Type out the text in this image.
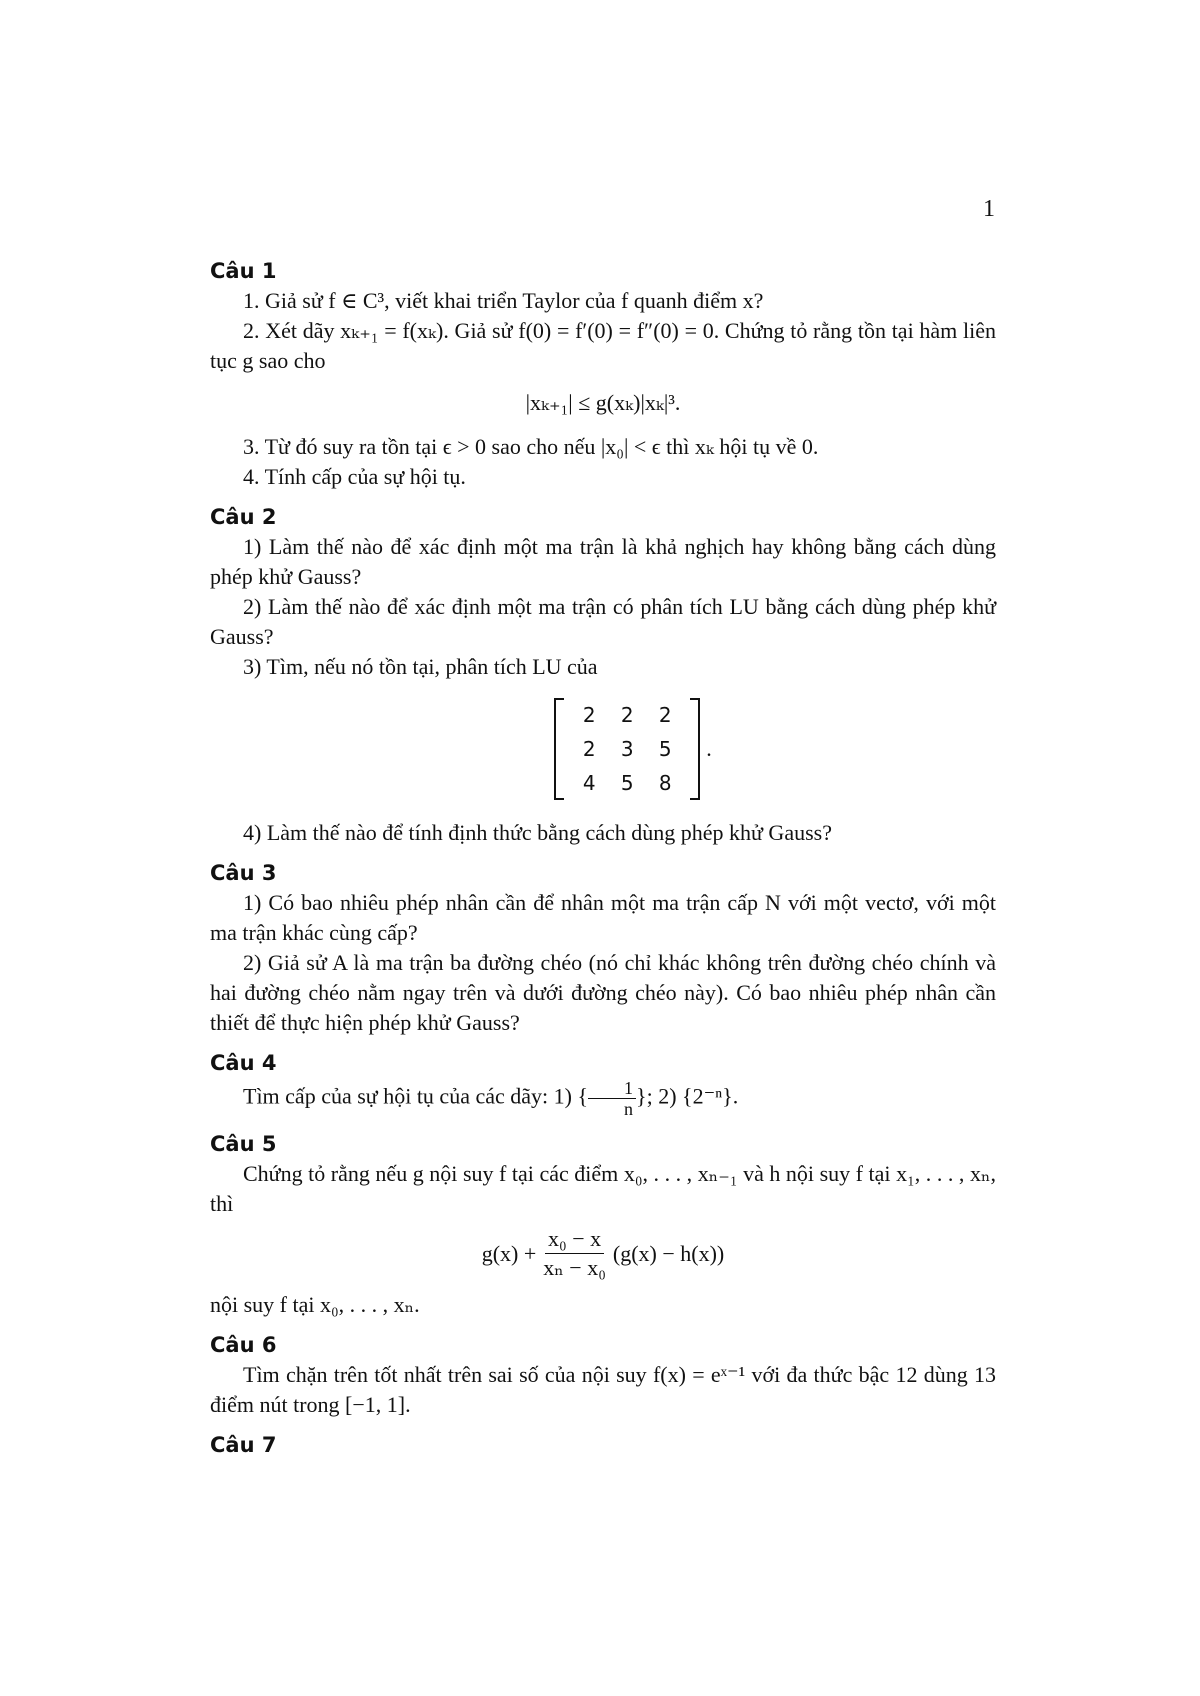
1
Câu 1

1. Giả sử f ∈ C³, viết khai triển Taylor của f quanh điểm x?

2. Xét dãy xₖ₊₁ = f(xₖ). Giả sử f(0) = f′(0) = f″(0) = 0. Chứng tỏ rằng tồn tại hàm liên tục g sao cho

|xₖ₊₁| ≤ g(xₖ)|xₖ|³.

3. Từ đó suy ra tồn tại ϵ > 0 sao cho nếu |x₀| < ϵ thì xₖ hội tụ về 0.

4. Tính cấp của sự hội tụ.

Câu 2

1) Làm thế nào để xác định một ma trận là khả nghịch hay không bằng cách dùng phép khử Gauss?

2) Làm thế nào để xác định một ma trận có phân tích LU bằng cách dùng phép khử Gauss?

3) Tìm, nếu nó tồn tại, phân tích LU của

2	2	2
2	3	5
4	5	8
.

4) Làm thế nào để tính định thức bằng cách dùng phép khử Gauss?

Câu 3

1) Có bao nhiêu phép nhân cần để nhân một ma trận cấp N với một vectơ, với một ma trận khác cùng cấp?

2) Giả sử A là ma trận ba đường chéo (nó chỉ khác không trên đường chéo chính và hai đường chéo nằm ngay trên và dưới đường chéo này). Có bao nhiêu phép nhân cần thiết để thực hiện phép khử Gauss?

Câu 4

Tìm cấp của sự hội tụ của các dãy: 1) { $\frac{1}{n}$ }; 2) {2⁻ⁿ}.

Câu 5

Chứng tỏ rằng nếu g nội suy f tại các điểm x₀, . . . , xₙ₋₁ và h nội suy f tại x₁, . . . , xₙ, thì

$g(x) + \frac{\text{x₀ − x}}{\text{xₙ − x₀}} (g(x) - h(x))$

nội suy f tại x₀, . . . , xₙ.

Câu 6

Tìm chặn trên tốt nhất trên sai số của nội suy f(x) = eˣ⁻¹ với đa thức bậc 12 dùng 13 điểm nút trong [−1, 1].

Câu 7
